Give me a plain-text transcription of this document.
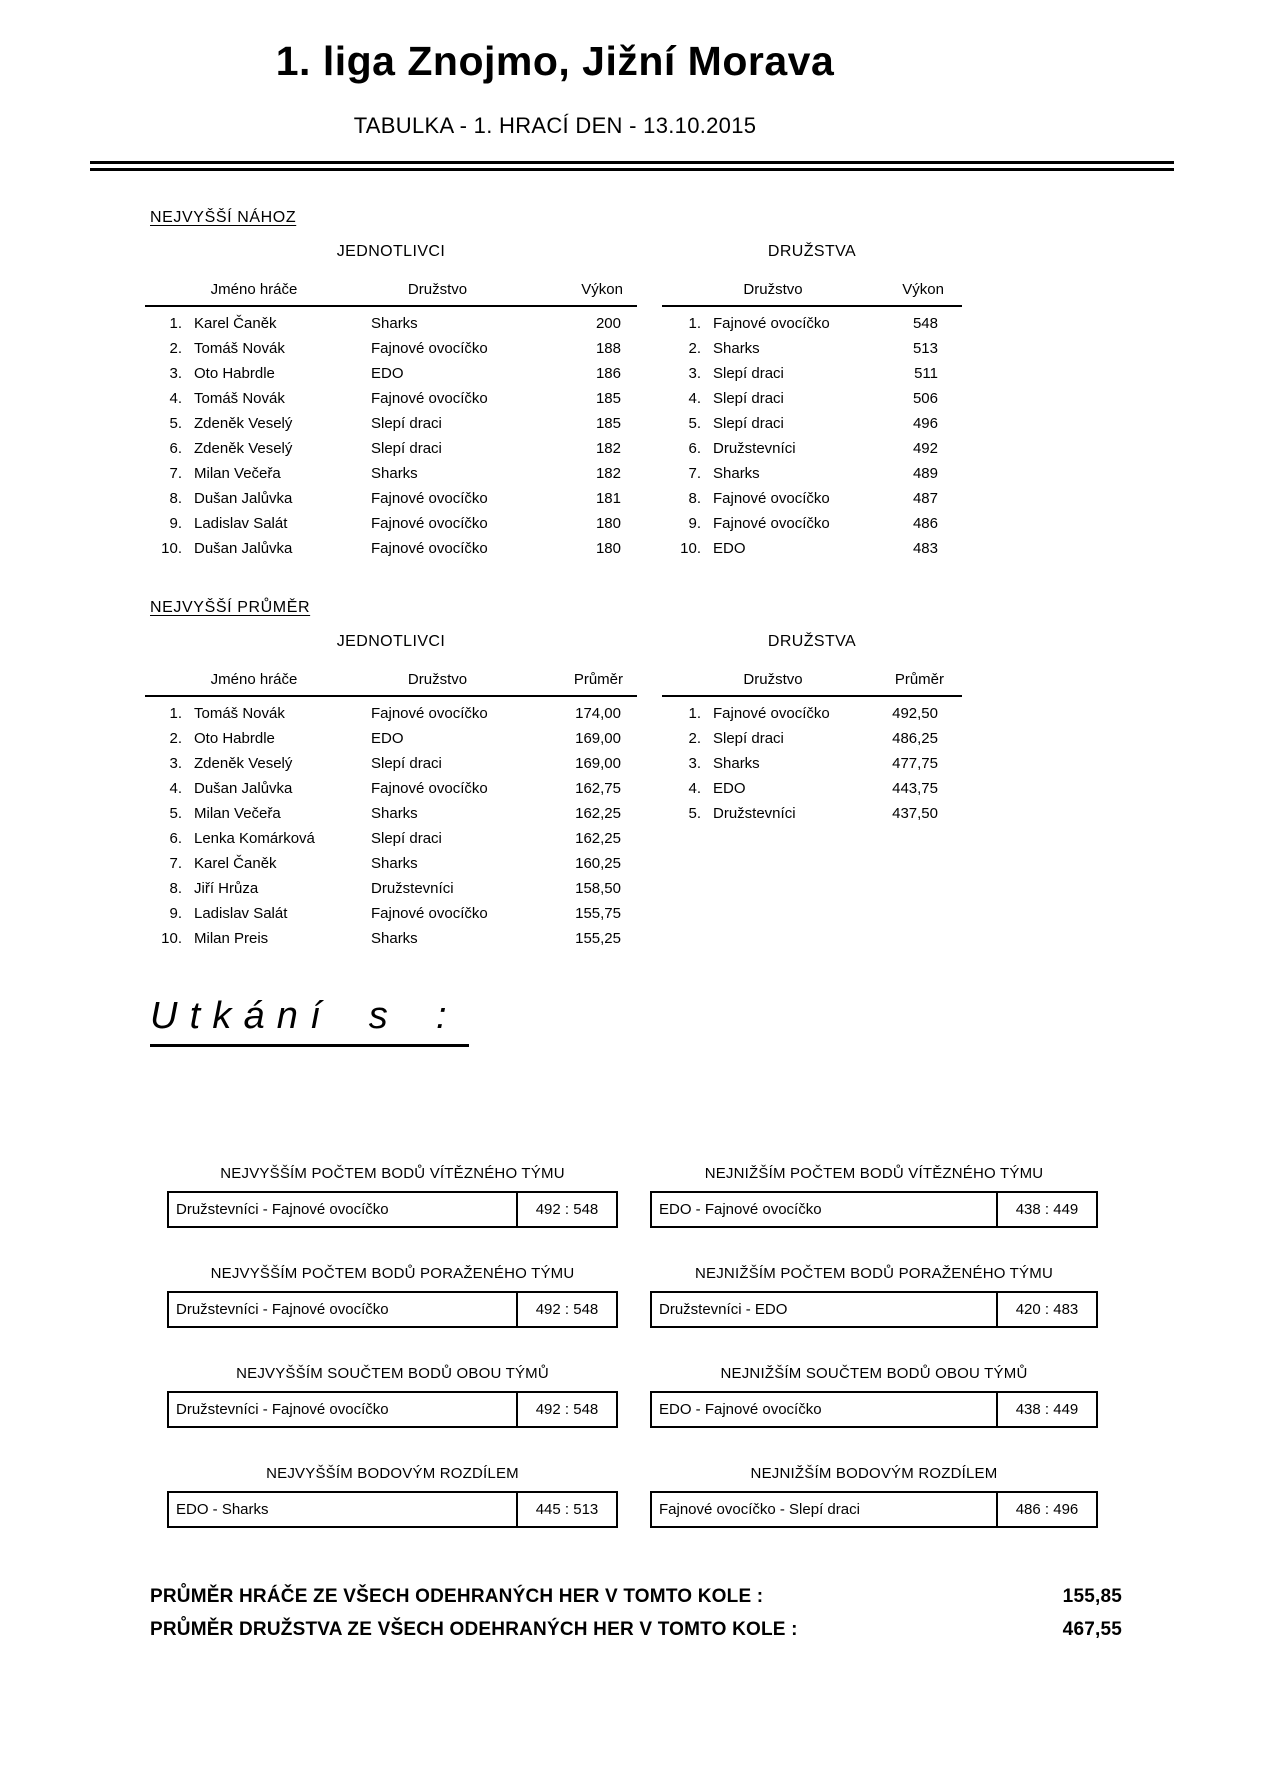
1. liga Znojmo, Jižní Morava
TABULKA - 1. HRACÍ DEN - 13.10.2015
NEJVYŠŠÍ NÁHOZ
JEDNOTLIVCI
Jméno hráče	Družstvo	Výkon
1. Karel Čaněk	Sharks	200
2. Tomáš Novák	Fajnové ovocíčko	188
3. Oto Habrdle	EDO	186
4. Tomáš Novák	Fajnové ovocíčko	185
5. Zdeněk Veselý	Slepí draci	185
6. Zdeněk Veselý	Slepí draci	182
7. Milan Večeřa	Sharks	182
8. Dušan Jalůvka	Fajnové ovocíčko	181
9. Ladislav Salát	Fajnové ovocíčko	180
10. Dušan Jalůvka	Fajnové ovocíčko	180
DRUŽSTVA
Družstvo	Výkon
1. Fajnové ovocíčko	548
2. Sharks	513
3. Slepí draci	511
4. Slepí draci	506
5. Slepí draci	496
6. Družstevníci	492
7. Sharks	489
8. Fajnové ovocíčko	487
9. Fajnové ovocíčko	486
10. EDO	483
NEJVYŠŠÍ PRŮMĚR
JEDNOTLIVCI
Jméno hráče	Družstvo	Průměr
1. Tomáš Novák	Fajnové ovocíčko	174,00
2. Oto Habrdle	EDO	169,00
3. Zdeněk Veselý	Slepí draci	169,00
4. Dušan Jalůvka	Fajnové ovocíčko	162,75
5. Milan Večeřa	Sharks	162,25
6. Lenka Komárková	Slepí draci	162,25
7. Karel Čaněk	Sharks	160,25
8. Jiří Hrůza	Družstevníci	158,50
9. Ladislav Salát	Fajnové ovocíčko	155,75
10. Milan Preis	Sharks	155,25
DRUŽSTVA
Družstvo	Průměr
1. Fajnové ovocíčko	492,50
2. Slepí draci	486,25
3. Sharks	477,75
4. EDO	443,75
5. Družstevníci	437,50
Utkání s :
NEJVYŠŠÍM POČTEM BODŮ VÍTĚZNÉHO TÝMU
Družstevníci - Fajnové ovocíčko	492 : 548
NEJNIŽŠÍM POČTEM BODŮ VÍTĚZNÉHO TÝMU
EDO - Fajnové ovocíčko	438 : 449
NEJVYŠŠÍM POČTEM BODŮ PORAŽENÉHO TÝMU
Družstevníci - Fajnové ovocíčko	492 : 548
NEJNIŽŠÍM POČTEM BODŮ PORAŽENÉHO TÝMU
Družstevníci - EDO	420 : 483
NEJVYŠŠÍM SOUČTEM BODŮ OBOU TÝMŮ
Družstevníci - Fajnové ovocíčko	492 : 548
NEJNIŽŠÍM SOUČTEM BODŮ OBOU TÝMŮ
EDO - Fajnové ovocíčko	438 : 449
NEJVYŠŠÍM BODOVÝM ROZDÍLEM
EDO - Sharks	445 : 513
NEJNIŽŠÍM BODOVÝM ROZDÍLEM
Fajnové ovocíčko - Slepí draci	486 : 496
PRŮMĚR HRÁČE ZE VŠECH ODEHRANÝCH HER V TOMTO KOLE :	155,85
PRŮMĚR DRUŽSTVA ZE VŠECH ODEHRANÝCH HER V TOMTO KOLE :	467,55
